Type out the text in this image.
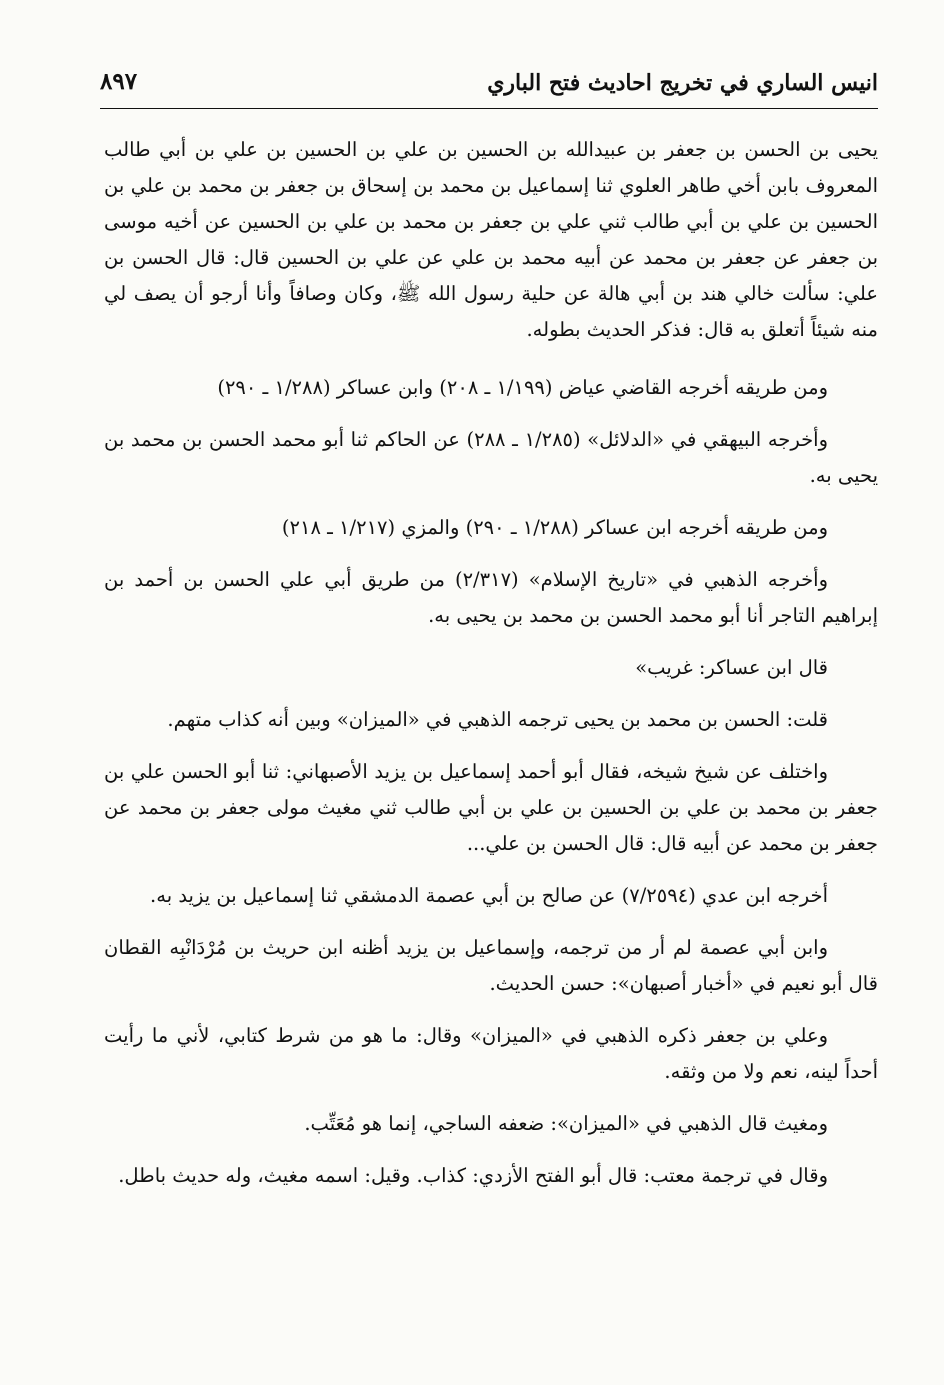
انيس الساري في تخريج احاديث فتح الباري
٨٩٧

يحيى بن الحسن بن جعفر بن عبيدالله بن الحسين بن علي بن الحسين بن علي بن أبي طالب المعروف بابن أخي طاهر العلوي ثنا إسماعيل بن محمد بن إسحاق بن جعفر بن محمد بن علي بن الحسين بن علي بن أبي طالب ثني علي بن جعفر بن محمد بن علي بن الحسين عن أخيه موسى بن جعفر عن جعفر بن محمد عن أبيه محمد بن علي عن علي بن الحسين قال: قال الحسن بن علي: سألت خالي هند بن أبي هالة عن حلية رسول الله ﷺ، وكان وصافاً وأنا أرجو أن يصف لي منه شيئاً أتعلق به قال: فذكر الحديث بطوله.

ومن طريقه أخرجه القاضي عياض (١/١٩٩ ـ ٢٠٨) وابن عساكر (١/٢٨٨ ـ ٢٩٠)

وأخرجه البيهقي في «الدلائل» (١/٢٨٥ ـ ٢٨٨) عن الحاكم ثنا أبو محمد الحسن بن محمد بن يحيى به.

ومن طريقه أخرجه ابن عساكر (١/٢٨٨ ـ ٢٩٠) والمزي (١/٢١٧ ـ ٢١٨)

وأخرجه الذهبي في «تاريخ الإسلام» (٢/٣١٧) من طريق أبي علي الحسن بن أحمد بن إبراهيم التاجر أنا أبو محمد الحسن بن محمد بن يحيى به.

قال ابن عساكر: غريب»

قلت: الحسن بن محمد بن يحيى ترجمه الذهبي في «الميزان» وبين أنه كذاب متهم.

واختلف عن شيخ شيخه، فقال أبو أحمد إسماعيل بن يزيد الأصبهاني: ثنا أبو الحسن علي بن جعفر بن محمد بن علي بن الحسين بن علي بن أبي طالب ثني مغيث مولى جعفر بن محمد عن جعفر بن محمد عن أبيه قال: قال الحسن بن علي...

أخرجه ابن عدي (٧/٢٥٩٤) عن صالح بن أبي عصمة الدمشقي ثنا إسماعيل بن يزيد به.

وابن أبي عصمة لم أر من ترجمه، وإسماعيل بن يزيد أظنه ابن حريث بن مُرْدَانْبِه القطان قال أبو نعيم في «أخبار أصبهان»: حسن الحديث.

وعلي بن جعفر ذكره الذهبي في «الميزان» وقال: ما هو من شرط كتابي، لأني ما رأيت أحداً لينه، نعم ولا من وثقه.

ومغيث قال الذهبي في «الميزان»: ضعفه الساجي، إنما هو مُعَتِّب.

وقال في ترجمة معتب: قال أبو الفتح الأزدي: كذاب. وقيل: اسمه مغيث، وله حديث باطل.
